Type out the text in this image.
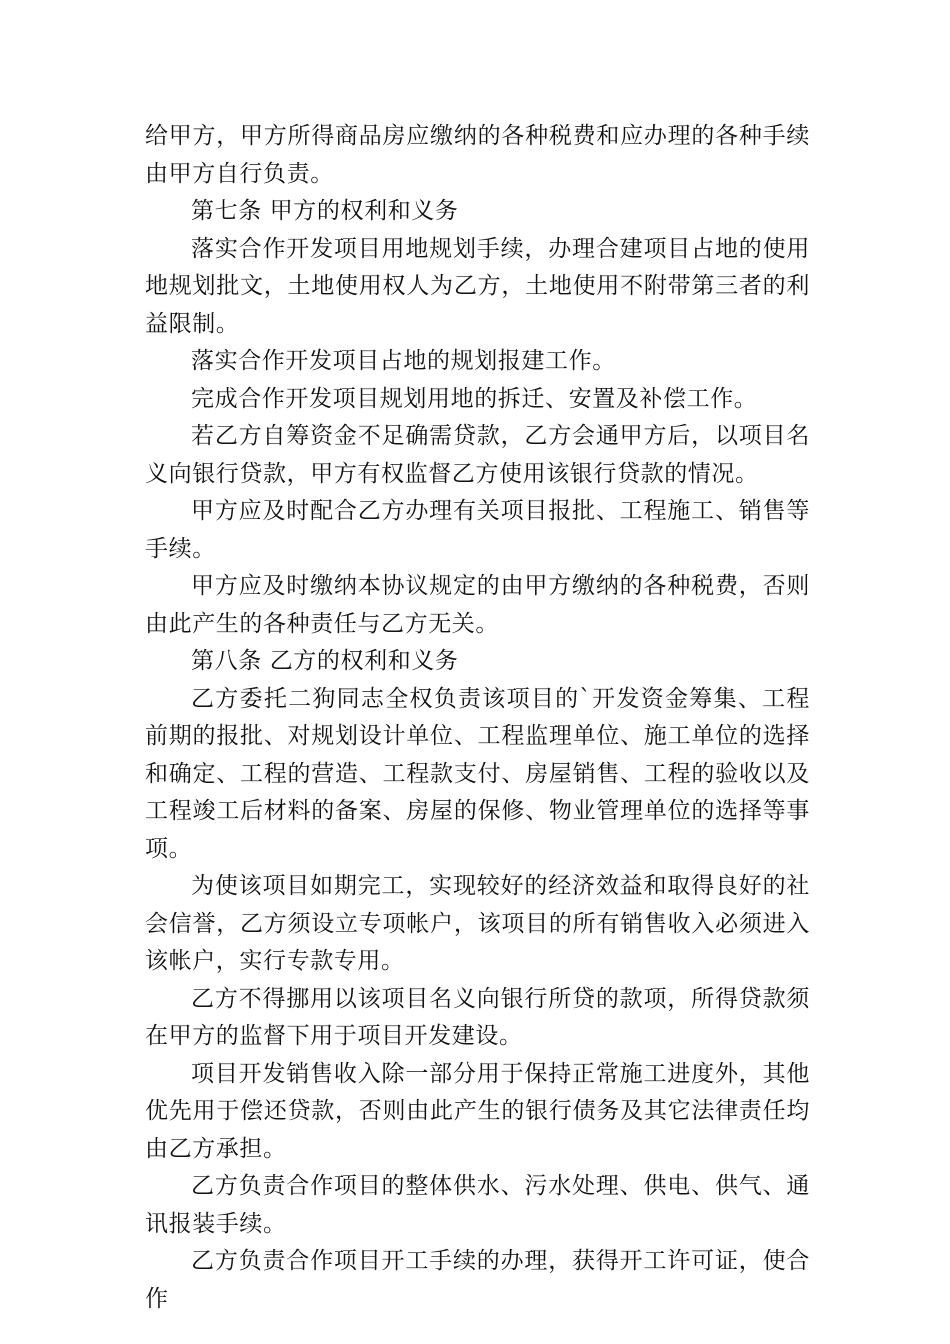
给甲方，甲方所得商品房应缴纳的各种税费和应办理的各种手续由甲方自行负责。

第七条 甲方的权利和义务

落实合作开发项目用地规划手续，办理合建项目占地的使用地规划批文，土地使用权人为乙方，土地使用不附带第三者的利益限制。

落实合作开发项目占地的规划报建工作。

完成合作开发项目规划用地的拆迁、安置及补偿工作。

若乙方自筹资金不足确需贷款，乙方会通甲方后，以项目名义向银行贷款，甲方有权监督乙方使用该银行贷款的情况。

甲方应及时配合乙方办理有关项目报批、工程施工、销售等手续。

甲方应及时缴纳本协议规定的由甲方缴纳的各种税费，否则由此产生的各种责任与乙方无关。

第八条 乙方的权利和义务

乙方委托二狗同志全权负责该项目的`开发资金筹集、工程前期的报批、对规划设计单位、工程监理单位、施工单位的选择和确定、工程的营造、工程款支付、房屋销售、工程的验收以及工程竣工后材料的备案、房屋的保修、物业管理单位的选择等事项。

为使该项目如期完工，实现较好的经济效益和取得良好的社会信誉，乙方须设立专项帐户，该项目的所有销售收入必须进入该帐户，实行专款专用。

乙方不得挪用以该项目名义向银行所贷的款项，所得贷款须在甲方的监督下用于项目开发建设。

项目开发销售收入除一部分用于保持正常施工进度外，其他优先用于偿还贷款，否则由此产生的银行债务及其它法律责任均由乙方承担。

乙方负责合作项目的整体供水、污水处理、供电、供气、通讯报装手续。

乙方负责合作项目开工手续的办理，获得开工许可证，使合作
